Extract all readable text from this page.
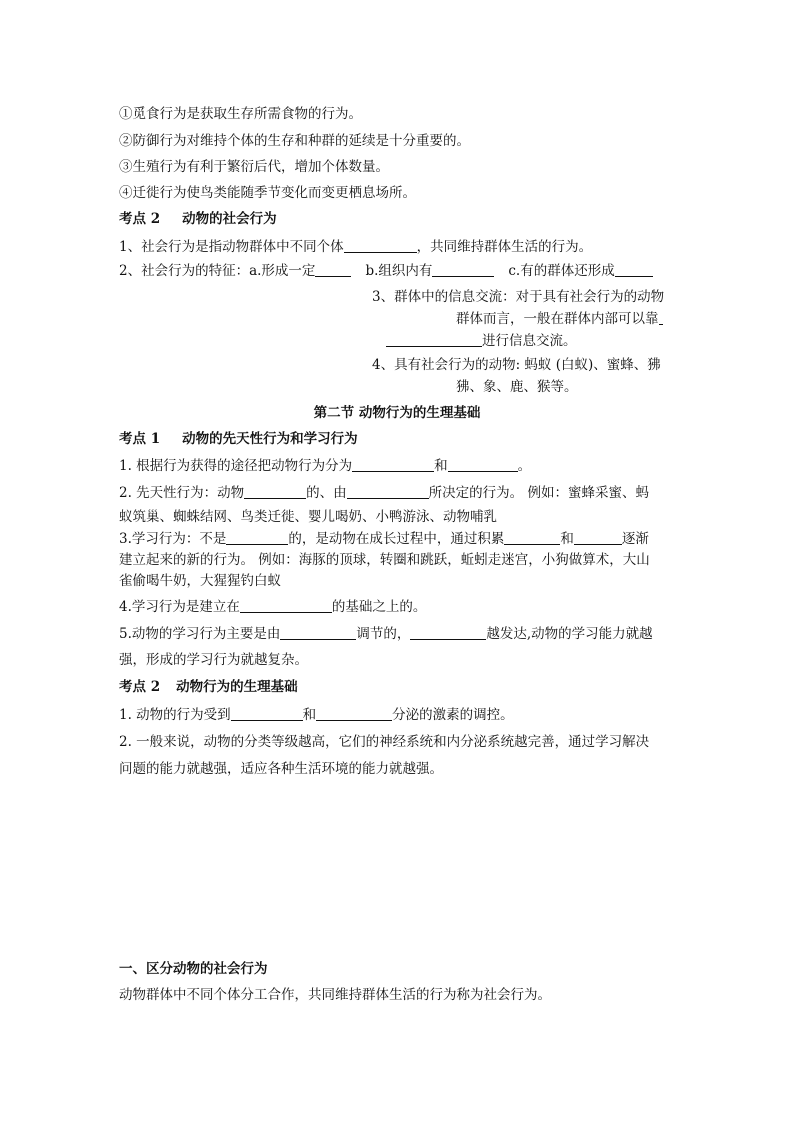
①觅食行为是获取生存所需食物的行为。
②防御行为对维持个体的生存和种群的延续是十分重要的。
③生殖行为有利于繁衍后代，增加个体数量。
④迁徙行为使鸟类能随季节变化而变更栖息场所。
考点 2 动物的社会行为
1、社会行为是指动物群体中不同个体	，共同维持群体生活的行为。
2、社会行为的特征：a.形成一定	b.组织内有	c.有的群体还形成
3、群体中的信息交流：对于具有社会行为的动物
群体而言，一般在群体内部可以靠
进行信息交流。
4、具有社会行为的动物: 蚂蚁 (白蚁)、蜜蜂、狒
狒、象、鹿、猴等。
第二节 动物行为的生理基础
考点 1 动物的先天性行为和学习行为
1. 根据行为获得的途径把动物行为分为	和	。
2. 先天性行为：动物	的、由	所决定的行为。 例如：蜜蜂采蜜、蚂
蚁筑巢、蜘蛛结网、鸟类迁徙、婴儿喝奶、小鸭游泳、动物哺乳
3.学习行为：不是	的，是动物在成长过程中，通过积累	和	逐渐
建立起来的新的行为。 例如：海豚的顶球，转圈和跳跃，蚯蚓走迷宫，小狗做算术，大山
雀偷喝牛奶，大猩猩钓白蚁
4.学习行为是建立在	的基础之上的。
5.动物的学习行为主要是由	调节的，	越发达,动物的学习能力就越
强，形成的学习行为就越复杂。
考点 2 动物行为的生理基础
1. 动物的行为受到	和	分泌的激素的调控。
2. 一般来说，动物的分类等级越高，它们的神经系统和内分泌系统越完善，通过学习解决
问题的能力就越强，适应各种生活环境的能力就越强。
一、区分动物的社会行为
动物群体中不同个体分工合作，共同维持群体生活的行为称为社会行为。
